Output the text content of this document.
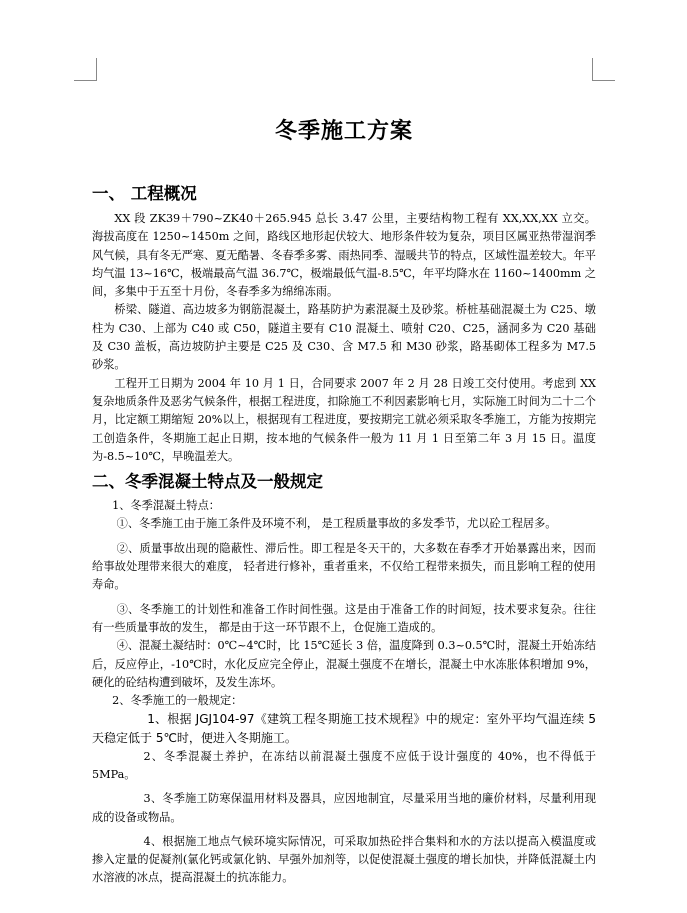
冬季施工方案
一、 工程概况

XX 段 ZK39＋790~ZK40＋265.945 总长 3.47 公里，主要结构物工程有 XX,XX,XX 立交。海拔高度在 1250~1450m 之间，路线区地形起伏较大、地形条件较为复杂，项目区属亚热带湿润季风气候，具有冬无严寒、夏无酷暑、冬春季多雾、雨热同季、湿暖共节的特点，区域性温差较大。年平均气温 13~16℃，极端最高气温 36.7℃，极端最低气温-8.5℃，年平均降水在 1160~1400mm 之间，多集中于五至十月份，冬春季多为绵绵冻雨。

桥梁、隧道、高边坡多为钢筋混凝土，路基防护为素混凝土及砂浆。桥桩基础混凝土为 C25、墩柱为 C30、上部为 C40 或 C50，隧道主要有 C10 混凝土、喷射 C20、C25，涵洞多为 C20 基础及 C30 盖板，高边坡防护主要是 C25 及 C30、含 M7.5 和 M30 砂浆，路基砌体工程多为 M7.5 砂浆。

工程开工日期为 2004 年 10 月 1 日，合同要求 2007 年 2 月 28 日竣工交付使用。考虑到 XX 复杂地质条件及恶劣气候条件，根据工程进度，扣除施工不利因素影响七月，实际施工时间为二十二个月，比定额工期缩短 20%以上，根据现有工程进度，要按期完工就必须采取冬季施工，方能为按期完工创造条件，冬期施工起止日期，按本地的气候条件一般为 11 月 1 日至第二年 3 月 15 日。温度为-8.5~10℃，早晚温差大。

二、冬季混凝土特点及一般规定

1、冬季混凝土特点：

①、冬季施工由于施工条件及环境不利， 是工程质量事故的多发季节，尤以砼工程居多。

②、质量事故出现的隐蔽性、滞后性。即工程是冬天干的，大多数在春季才开始暴露出来，因而给事故处理带来很大的难度， 轻者进行修补，重者重来，不仅给工程带来损失，而且影响工程的使用寿命。

③、冬季施工的计划性和准备工作时间性强。这是由于准备工作的时间短，技术要求复杂。往往有一些质量事故的发生， 都是由于这一环节跟不上，仓促施工造成的。

④、混凝土凝结时：0℃~4℃时，比 15℃延长 3 倍，温度降到 0.3~0.5℃时，混凝土开始冻结后，反应停止，-10℃时，水化反应完全停止，混凝土强度不在增长，混凝土中水冻胀体积增加 9%，硬化的砼结构遭到破坏，及发生冻坏。

2、冬季施工的一般规定：

1、根据 JGJ104-97《建筑工程冬期施工技术规程》中的规定：室外平均气温连续 5 天稳定低于 5℃时，便进入冬期施工。

2、冬季混凝土养护，在冻结以前混凝土强度不应低于设计强度的 40%，也不得低于 5MPa。

3、冬季施工防寒保温用材料及器具，应因地制宜，尽量采用当地的廉价材料，尽量利用现成的设备或物品。

4、根据施工地点气候环境实际情况，可采取加热砼拌合集料和水的方法以提高入模温度或掺入定量的促凝剂(氯化钙或氯化钠、早强外加剂等，以促使混凝土强度的增长加快，并降低混凝土内水溶液的冰点，提高混凝土的抗冻能力。
